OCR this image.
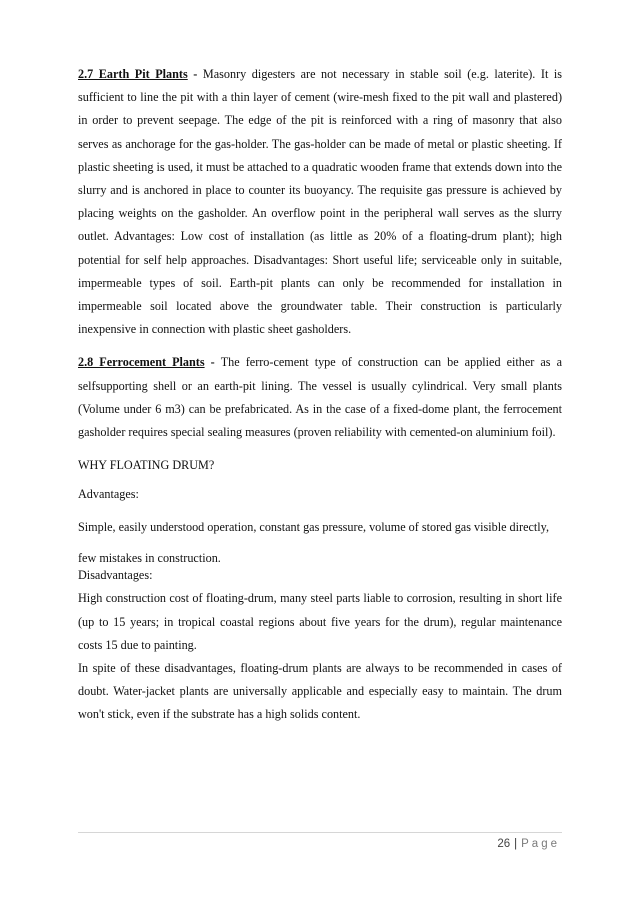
2.7 Earth Pit Plants - Masonry digesters are not necessary in stable soil (e.g. laterite). It is sufficient to line the pit with a thin layer of cement (wire-mesh fixed to the pit wall and plastered) in order to prevent seepage. The edge of the pit is reinforced with a ring of masonry that also serves as anchorage for the gas-holder. The gas-holder can be made of metal or plastic sheeting. If plastic sheeting is used, it must be attached to a quadratic wooden frame that extends down into the slurry and is anchored in place to counter its buoyancy. The requisite gas pressure is achieved by placing weights on the gasholder. An overflow point in the peripheral wall serves as the slurry outlet. Advantages: Low cost of installation (as little as 20% of a floating-drum plant); high potential for self help approaches. Disadvantages: Short useful life; serviceable only in suitable, impermeable types of soil. Earth-pit plants can only be recommended for installation in impermeable soil located above the groundwater table. Their construction is particularly inexpensive in connection with plastic sheet gasholders.

2.8 Ferrocement Plants - The ferro-cement type of construction can be applied either as a selfsupporting shell or an earth-pit lining. The vessel is usually cylindrical. Very small plants (Volume under 6 m3) can be prefabricated. As in the case of a fixed-dome plant, the ferrocement gasholder requires special sealing measures (proven reliability with cemented-on aluminium foil).

WHY FLOATING DRUM?

Advantages:

Simple, easily understood operation, constant gas pressure, volume of stored gas visible directly,

few mistakes in construction.

Disadvantages:

High construction cost of floating-drum, many steel parts liable to corrosion, resulting in short life (up to 15 years; in tropical coastal regions about five years for the drum), regular maintenance costs 15 due to painting.

In spite of these disadvantages, floating-drum plants are always to be recommended in cases of doubt. Water-jacket plants are universally applicable and especially easy to maintain. The drum won't stick, even if the substrate has a high solids content.

26 | Page
